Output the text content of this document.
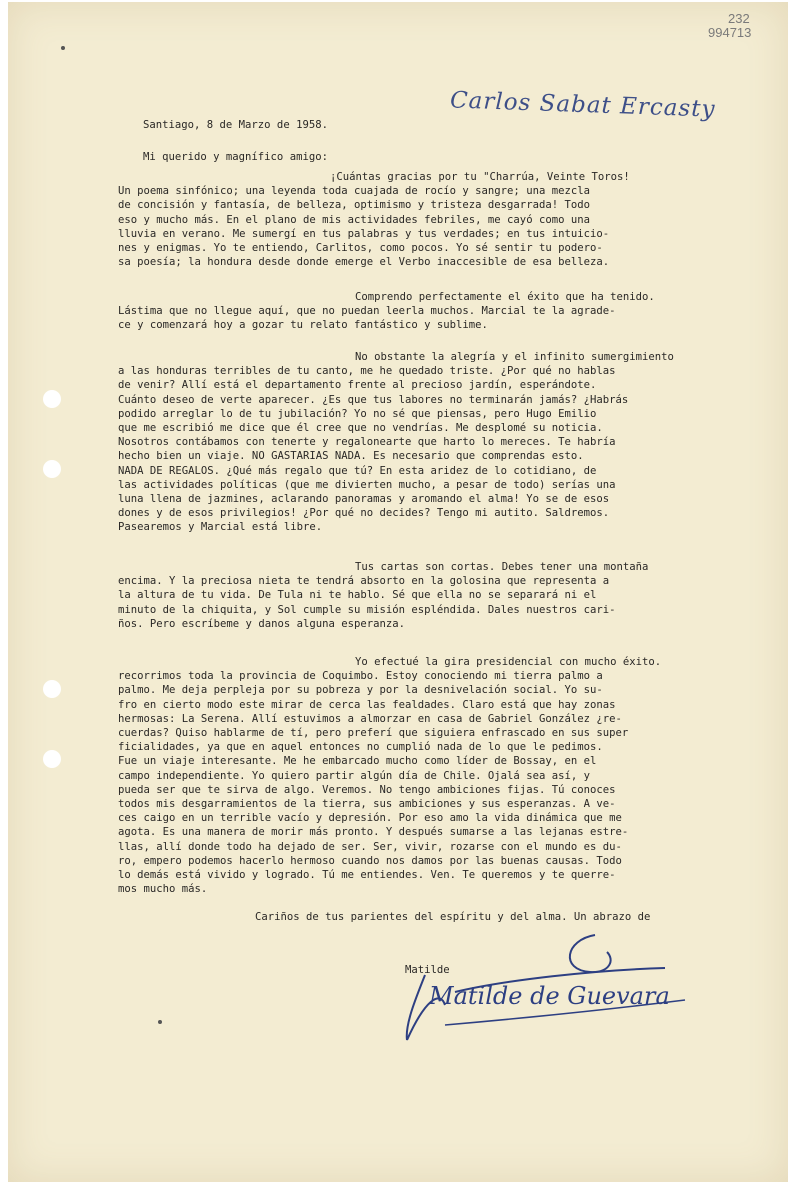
232
994713
Carlos Sabat Ercasty
Santiago, 8 de Marzo de 1958.
Mi querido y magnífico amigo:
¡Cuántas gracias por tu "Charrúa, Veinte Toros!
Un poema sinfónico; una leyenda toda cuajada de rocío y sangre; una mezcla
de concisión y fantasía, de belleza, optimismo y tristeza desgarrada! Todo
eso y mucho más. En el plano de mis actividades febriles, me cayó como una
lluvia en verano. Me sumergí en tus palabras y tus verdades; en tus intuicio-
nes y enigmas. Yo te entiendo, Carlitos, como pocos. Yo sé sentir tu podero-
sa poesía; la hondura desde donde emerge el Verbo inaccesible de esa belleza.
Comprendo perfectamente el éxito que ha tenido.
Lástima que no llegue aquí, que no puedan leerla muchos. Marcial te la agrade-
ce y comenzará hoy a gozar tu relato fantástico y sublime.
No obstante la alegría y el infinito sumergimiento
a las honduras terribles de tu canto, me he quedado triste. ¿Por qué no hablas
de venir? Allí está el departamento frente al precioso jardín, esperándote.
Cuánto deseo de verte aparecer. ¿Es que tus labores no terminarán jamás? ¿Habrás
podido arreglar lo de tu jubilación? Yo no sé que piensas, pero Hugo Emilio
que me escribió me dice que él cree que no vendrías. Me desplomé su noticia.
Nosotros contábamos con tenerte y regalonearte que harto lo mereces. Te habría
hecho bien un viaje. NO GASTARIAS NADA. Es necesario que comprendas esto.
NADA DE REGALOS. ¿Qué más regalo que tú? En esta aridez de lo cotidiano, de
las actividades políticas (que me divierten mucho, a pesar de todo) serías una
luna llena de jazmines, aclarando panoramas y aromando el alma! Yo se de esos
dones y de esos privilegios! ¿Por qué no decides? Tengo mi autito. Saldremos.
Pasearemos y Marcial está libre.
Tus cartas son cortas. Debes tener una montaña
encima. Y la preciosa nieta te tendrá absorto en la golosina que representa a
la altura de tu vida. De Tula ni te hablo. Sé que ella no se separará ni el
minuto de la chiquita, y Sol cumple su misión espléndida. Dales nuestros cari-
ños. Pero escríbeme y danos alguna esperanza.
Yo efectué la gira presidencial con mucho éxito.
recorrimos toda la provincia de Coquimbo. Estoy conociendo mi tierra palmo a
palmo. Me deja perpleja por su pobreza y por la desnivelación social. Yo su-
fro en cierto modo este mirar de cerca las fealdades. Claro está que hay zonas
hermosas: La Serena. Allí estuvimos a almorzar en casa de Gabriel González ¿re-
cuerdas? Quiso hablarme de tí, pero preferí que siguiera enfrascado en sus super
ficialidades, ya que en aquel entonces no cumplió nada de lo que le pedimos.
Fue un viaje interesante. Me he embarcado mucho como líder de Bossay, en el
campo independiente. Yo quiero partir algún día de Chile. Ojalá sea así, y
pueda ser que te sirva de algo. Veremos. No tengo ambiciones fijas. Tú conoces
todos mis desgarramientos de la tierra, sus ambiciones y sus esperanzas. A ve-
ces caigo en un terrible vacío y depresión. Por eso amo la vida dinámica que me
agota. Es una manera de morir más pronto. Y después sumarse a las lejanas estre-
llas, allí donde todo ha dejado de ser. Ser, vivir, rozarse con el mundo es du-
ro, empero podemos hacerlo hermoso cuando nos damos por las buenas causas. Todo
lo demás está vivido y logrado. Tú me entiendes. Ven. Te queremos y te querre-
mos mucho más.
Cariños de tus parientes del espíritu y del alma. Un abrazo de
Matilde
Matilde de Guevara
